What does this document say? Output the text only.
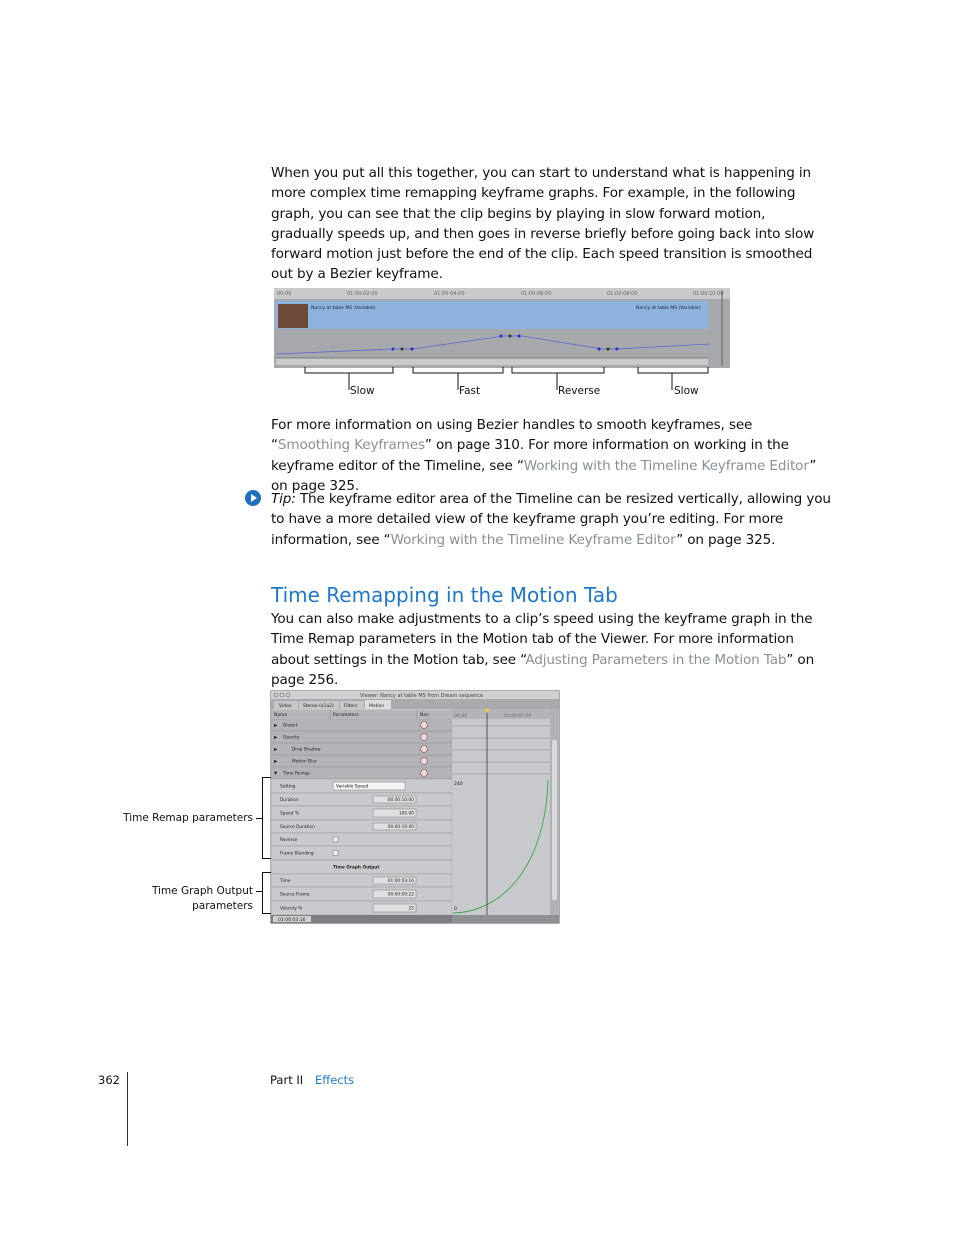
When you put all this together, you can start to understand what is happening in more complex time remapping keyframe graphs. For example, in the following graph, you can see that the clip begins by playing in slow forward motion, gradually speeds up, and then goes in reverse briefly before going back into slow forward motion just before the end of the clip. Each speed transition is smoothed out by a Bezier keyframe.

00:00	01:00:02:00	01:00:04:00	01:00:06:00	01:00:08:00	01:00:10:00
Nancy at table MS (Variable)	Nancy at table MS (Variable)
Slow	Fast	Reverse	Slow

For more information on using Bezier handles to smooth keyframes, see “Smoothing Keyframes” on page 310. For more information on working in the keyframe editor of the Timeline, see “Working with the Timeline Keyframe Editor” on page 325.

Tip: The keyframe editor area of the Timeline can be resized vertically, allowing you to have a more detailed view of the keyframe graph you’re editing. For more information, see “Working with the Timeline Keyframe Editor” on page 325.

Time Remapping in the Motion Tab

You can also make adjustments to a clip’s speed using the keyframe graph in the Time Remap parameters in the Motion tab of the Viewer. For more information about settings in the Motion tab, see “Adjusting Parameters in the Motion Tab” on page 256.

Viewer: Nancy at table MS from Dream sequence
Video	Stereo (a1a2) Filters	Motion
Name	Parameters	Nav
Distort
▶
Opacity
▶
Drop Shadow
▶
Motion Blur
▶
Time Remap
▼
Setting	Variable Speed
Duration	00:00:10:00
Speed %	100.00
Source Duration	00:00:10:00
Reverse
Frame Blending
Time Graph Output
Time	01:00:03:16
Source Frame	00:00:00:22
Velocity %	25
01:00:03:16
00:30	01:00:07:00
240
0
Time Remap parameters
Time Graph Output
parameters
362	Part II Effects
